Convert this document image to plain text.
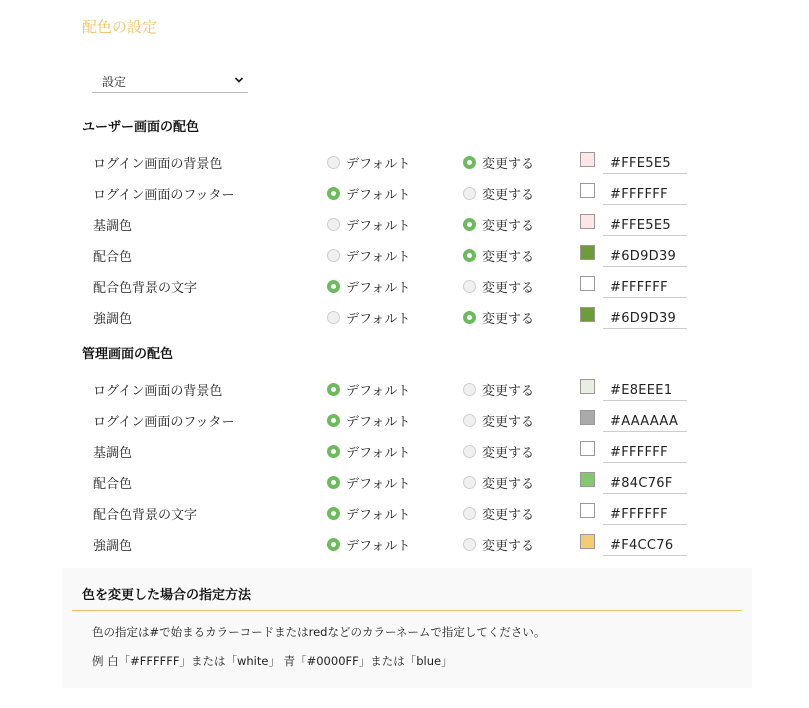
配色の設定
設定
ユーザー画面の配色
ログイン画面の背景色	デフォルト	変更する	#FFE5E5
ログイン画面のフッター	デフォルト	変更する	#FFFFFF
基調色	デフォルト	変更する	#FFE5E5
配合色	デフォルト	変更する	#6D9D39
配合色背景の文字	デフォルト	変更する	#FFFFFF
強調色	デフォルト	変更する	#6D9D39
管理画面の配色
ログイン画面の背景色	デフォルト	変更する	#E8EEE1
ログイン画面のフッター	デフォルト	変更する	#AAAAAA
基調色	デフォルト	変更する	#FFFFFF
配合色	デフォルト	変更する	#84C76F
配合色背景の文字	デフォルト	変更する	#FFFFFF
強調色	デフォルト	変更する	#F4CC76
色を変更した場合の指定方法
色の指定は#で始まるカラーコードまたはredなどのカラーネームで指定してください。
例 白「#FFFFFF」または「white」 青「#0000FF」または「blue」
